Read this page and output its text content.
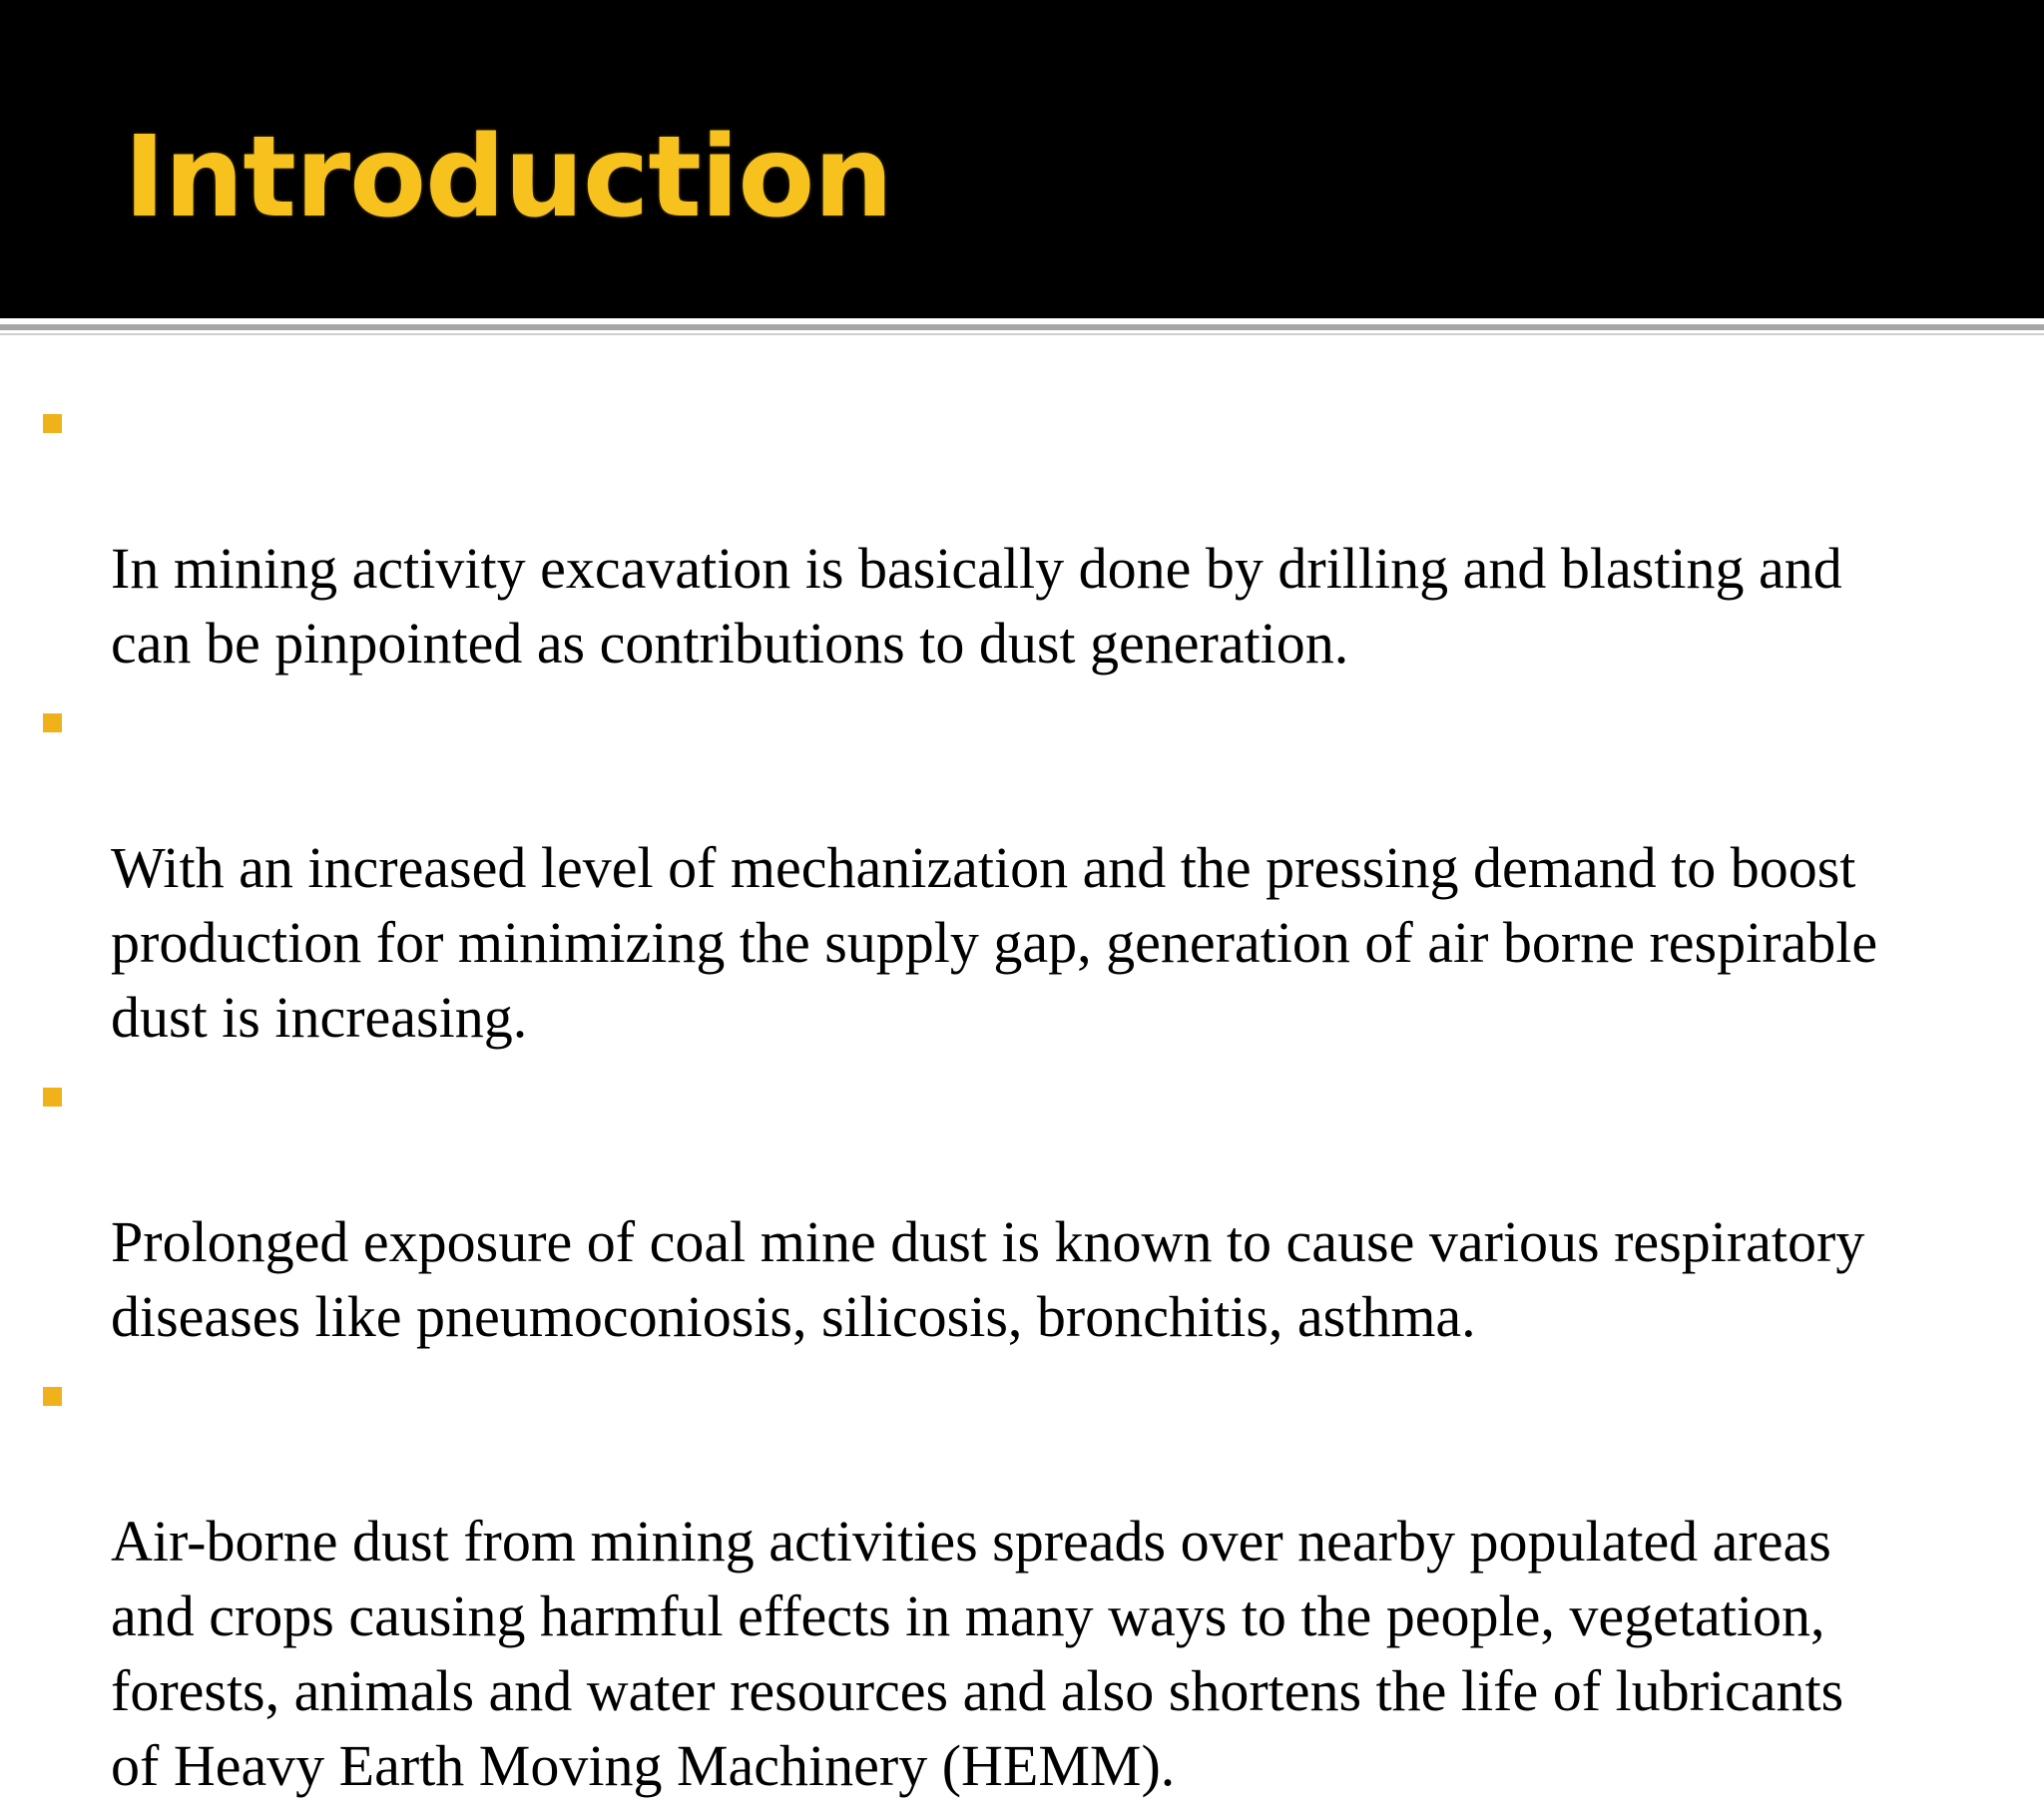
Introduction

In mining activity excavation is basically done by drilling and blasting and
can be pinpointed as contributions to dust generation.

With an increased level of mechanization and the pressing demand to boost
production for minimizing the supply gap, generation of air borne respirable
dust is increasing.

Prolonged exposure of coal mine dust is known to cause various respiratory
diseases like pneumoconiosis, silicosis, bronchitis, asthma.

Air-borne dust from mining activities spreads over nearby populated areas
and crops causing harmful effects in many ways to the people, vegetation,
forests, animals and water resources and also shortens the life of lubricants
of Heavy Earth Moving Machinery (HEMM).
